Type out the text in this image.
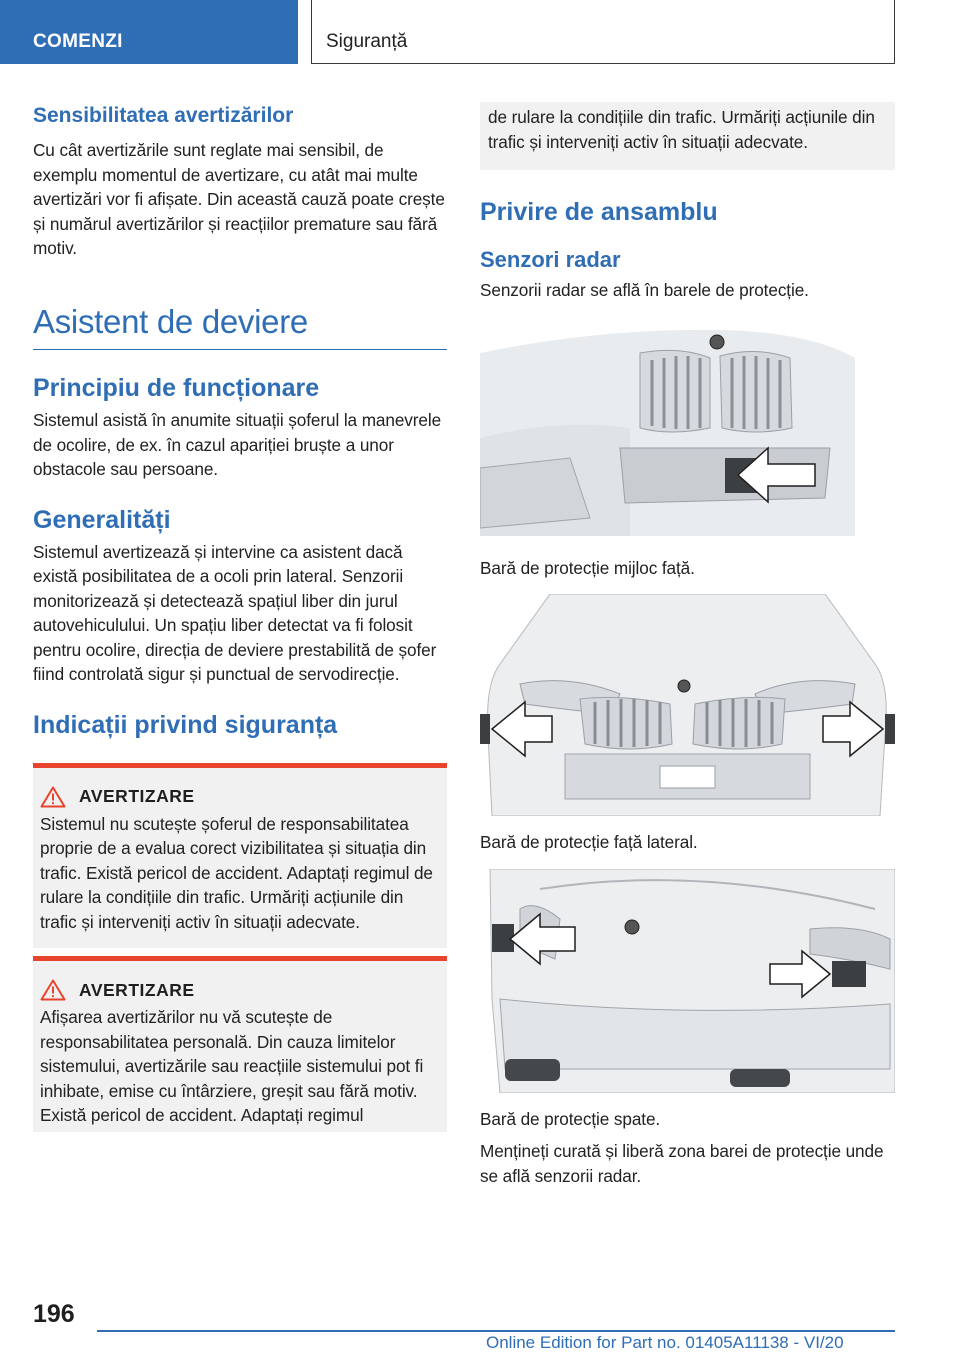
COMENZI	Siguranță
Sensibilitatea avertizărilor
Cu cât avertizările sunt reglate mai sensibil, de exemplu momentul de avertizare, cu atât mai multe avertizări vor fi afișate. Din această cauză poate crește și numărul avertizărilor și reacțiilor premature sau fără motiv.
Asistent de deviere
Principiu de funcționare
Sistemul asistă în anumite situații șoferul la manevrele de ocolire, de ex. în cazul apariției bruște a unor obstacole sau persoane.
Generalități
Sistemul avertizează și intervine ca asistent dacă există posibilitatea de a ocoli prin lateral. Senzorii monitorizează și detectează spațiul liber din jurul autovehiculului. Un spațiu liber detectat va fi folosit pentru ocolire, direcția de deviere prestabilită de șofer fiind controlată sigur și punctual de servodirecție.
Indicații privind siguranța
AVERTIZARE
Sistemul nu scutește șoferul de responsabilitatea proprie de a evalua corect vizibilitatea și situația din trafic. Există pericol de accident. Adaptați regimul de rulare la condițiile din trafic. Urmăriți acțiunile din trafic și interveniți activ în situații adecvate.
AVERTIZARE
Afișarea avertizărilor nu vă scutește de responsabilitatea personală. Din cauza limitelor sistemului, avertizările sau reacțiile sistemului pot fi inhibate, emise cu întârziere, greșit sau fără motiv. Există pericol de accident. Adaptați regimul
de rulare la condițiile din trafic. Urmăriți acțiunile din trafic și interveniți activ în situații adecvate.
Privire de ansamblu
Senzori radar
Senzorii radar se află în barele de protecție.
Bară de protecție mijloc față.
Bară de protecție față lateral.
Bară de protecție spate.
Mențineți curată și liberă zona barei de protecție unde se află senzorii radar.
196
Online Edition for Part no. 01405A11138 - VI/20
